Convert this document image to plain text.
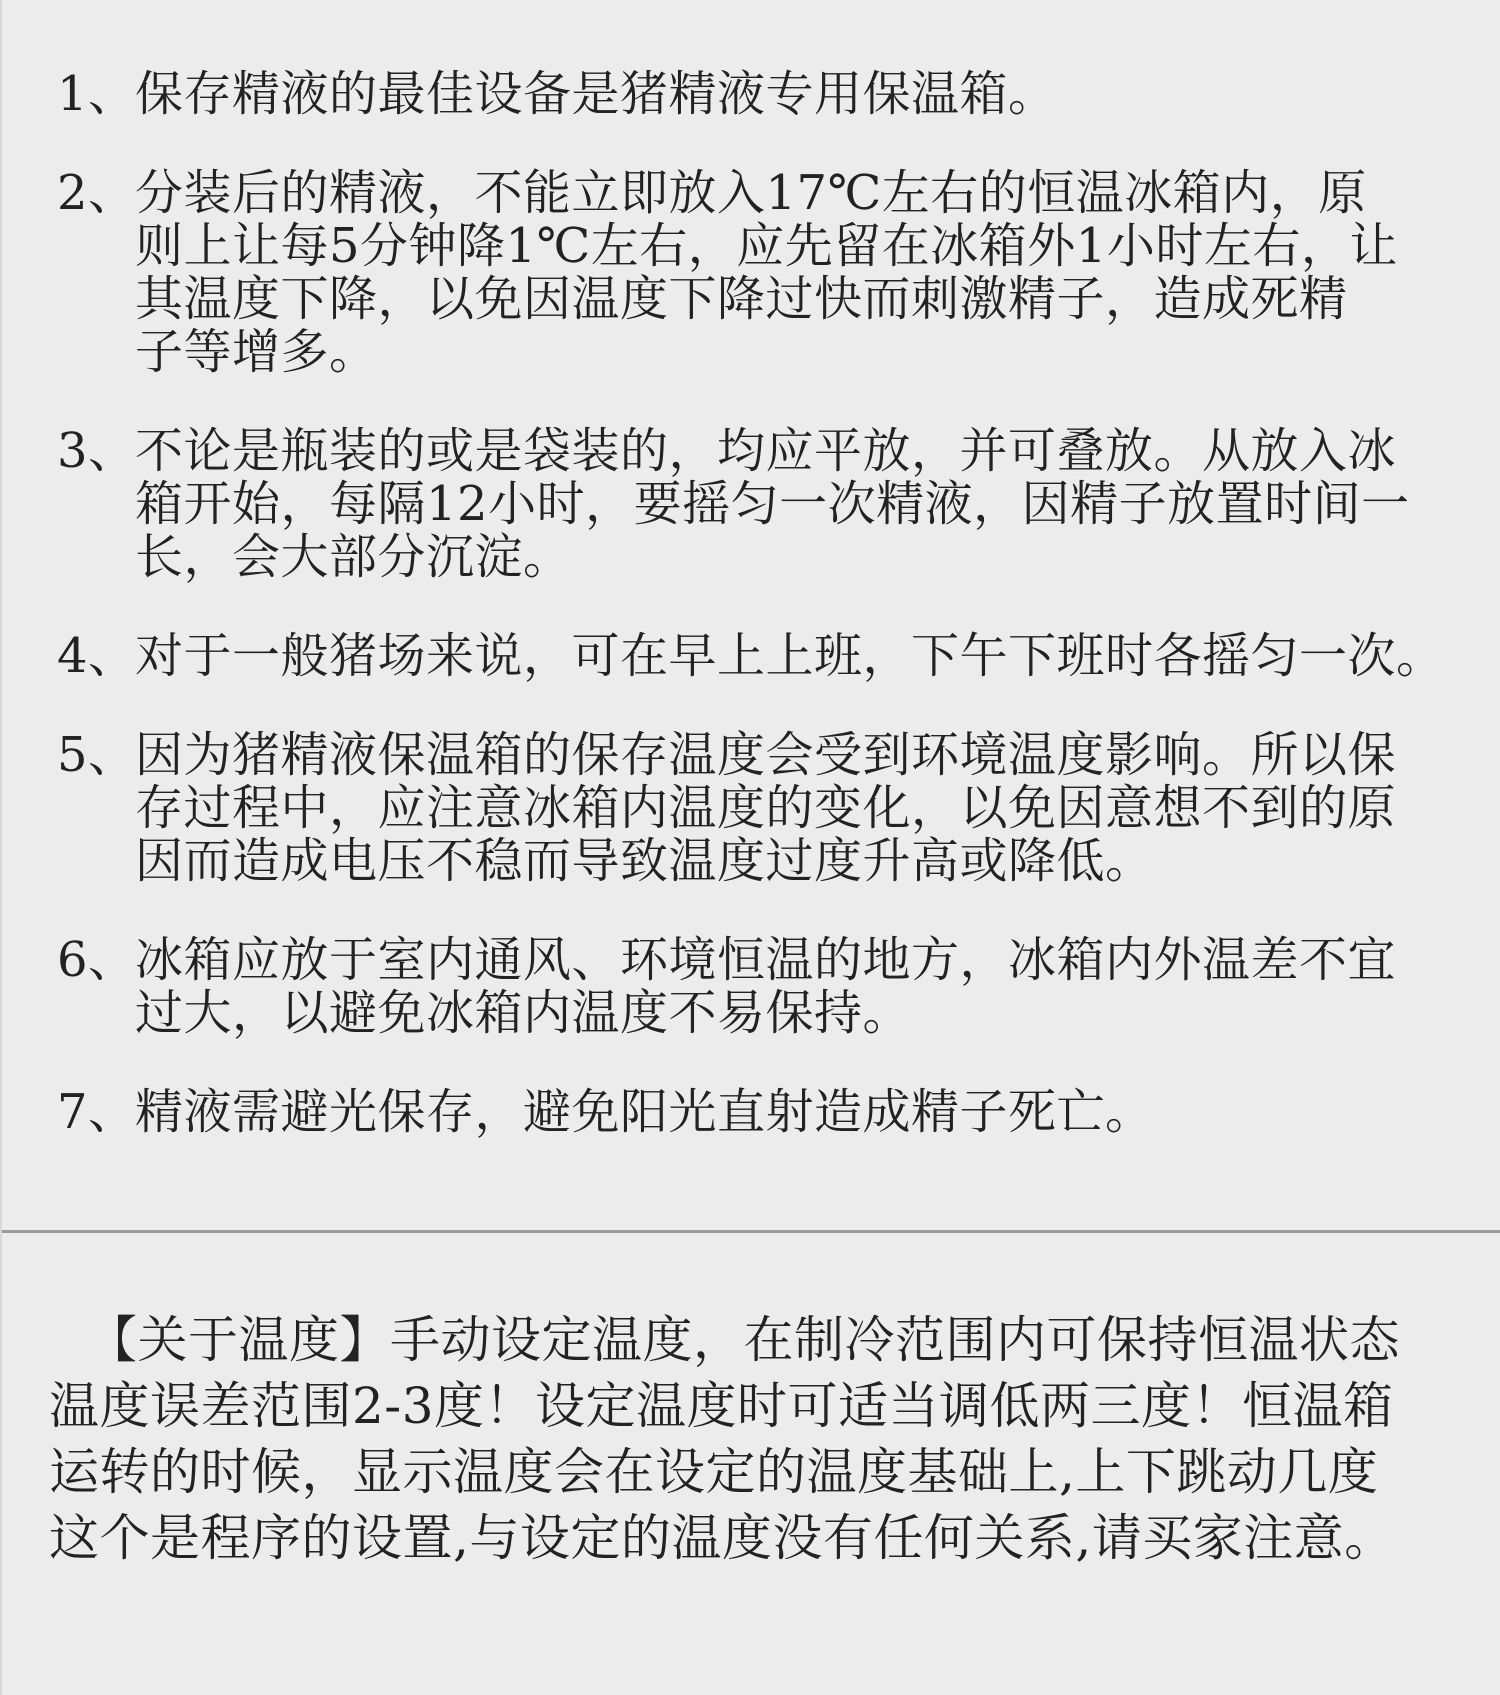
1、
保存精液的最佳设备是猪精液专用保温箱。
2、
分装后的精液，不能立即放入17℃左右的恒温冰箱内，原
则上让每5分钟降1℃左右，应先留在冰箱外1小时左右，让
其温度下降，以免因温度下降过快而刺激精子，造成死精
子等增多。
3、
不论是瓶装的或是袋装的，均应平放，并可叠放。从放入冰
箱开始，每隔12小时，要摇匀一次精液，因精子放置时间一
长，会大部分沉淀。
4、
对于一般猪场来说，可在早上上班，下午下班时各摇匀一次。
5、
因为猪精液保温箱的保存温度会受到环境温度影响。所以保
存过程中，应注意冰箱内温度的变化，以免因意想不到的原
因而造成电压不稳而导致温度过度升高或降低。
6、
冰箱应放于室内通风、环境恒温的地方，冰箱内外温差不宜
过大，以避免冰箱内温度不易保持。
7、
精液需避光保存，避免阳光直射造成精子死亡。
【关于温度】手动设定温度，在制冷范围内可保持恒温状态
温度误差范围2-3度！设定温度时可适当调低两三度！恒温箱
运转的时候，显示温度会在设定的温度基础上,上下跳动几度
这个是程序的设置,与设定的温度没有任何关系,请买家注意。
